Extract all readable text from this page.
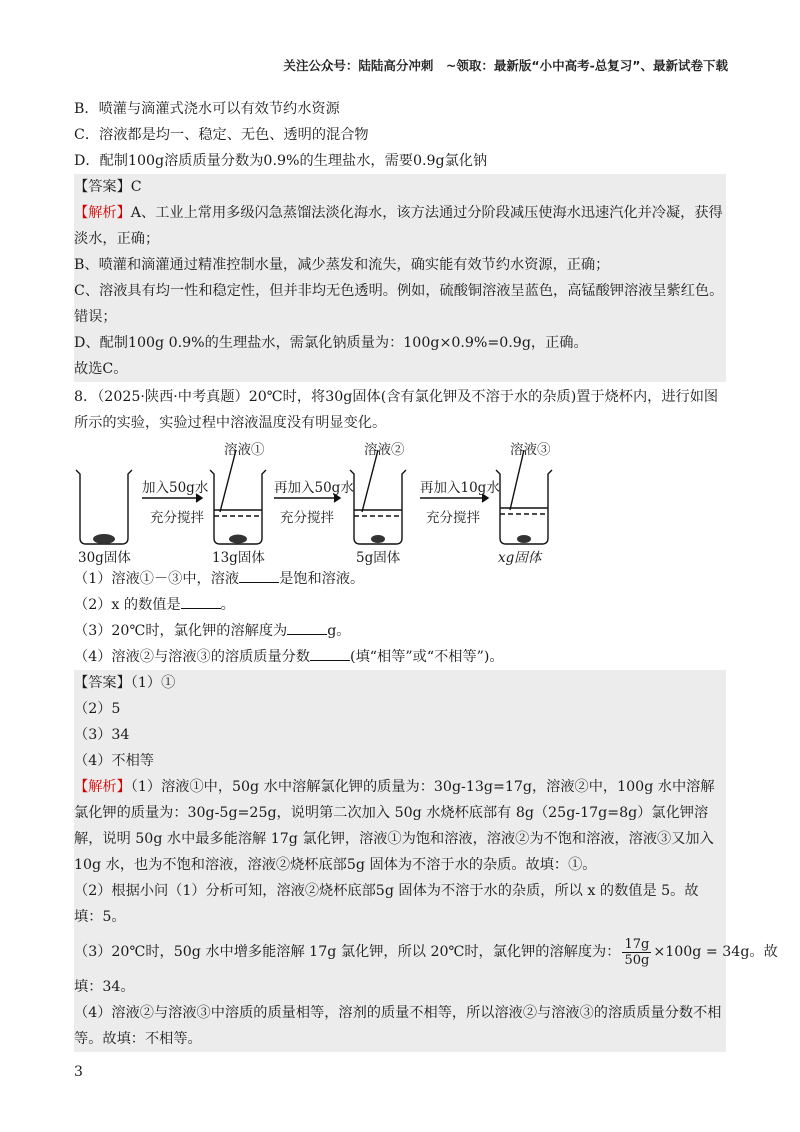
关注公众号：陆陆高分冲刺　~领取：最新版“小中高考-总复习”、最新试卷下载
B．喷灌与滴灌式浇水可以有效节约水资源
C．溶液都是均一、稳定、无色、透明的混合物
D．配制100g溶质质量分数为0.9%的生理盐水，需要0.9g氯化钠
【答案】C
【解析】A、工业上常用多级闪急蒸馏法淡化海水，该方法通过分阶段减压使海水迅速汽化并冷凝，获得淡水，正确；
B、喷灌和滴灌通过精准控制水量，减少蒸发和流失，确实能有效节约水资源，正确；
C、溶液具有均一性和稳定性，但并非均无色透明。例如，硫酸铜溶液呈蓝色，高锰酸钾溶液呈紫红色。错误；
D、配制100g 0.9%的生理盐水，需氯化钠质量为：100g×0.9%=0.9g，正确。
故选C。
8．（2025·陕西·中考真题）20℃时，将30g固体(含有氯化钾及不溶于水的杂质)置于烧杯内，进行如图所示的实验，实验过程中溶液温度没有明显变化。
溶液①	溶液②	溶液③
加入50g水
充分搅拌
再加入50g水
充分搅拌
再加入10g水
充分搅拌
30g固体	13g固体	5g固体	xg固体
（1）溶液①－③中，溶液	是饱和溶液。
（2）x 的数值是	。
（3）20℃时，氯化钾的溶解度为	g。
（4）溶液②与溶液③的溶质质量分数	(填“相等”或“不相等”)。
【答案】（1）①
（2）5
（3）34
（4）不相等
【解析】（1）溶液①中，50g 水中溶解氯化钾的质量为：30g-13g=17g，溶液②中，100g 水中溶解氯化钾的质量为：30g-5g=25g，说明第二次加入 50g 水烧杯底部有 8g（25g-17g=8g）氯化钾溶解，说明 50g 水中最多能溶解 17g 氯化钾，溶液①为饱和溶液，溶液②为不饱和溶液，溶液③又加入 10g 水，也为不饱和溶液，溶液②烧杯底部5g 固体为不溶于水的杂质。故填：①。
（2）根据小问（1）分析可知，溶液②烧杯底部5g 固体为不溶于水的杂质，所以 x 的数值是 5。故填：5。
（3）20℃时，50g 水中增多能溶解 17g 氯化钾，所以 20℃时，氯化钾的溶解度为： $\frac{17g}{50g} \times 100g = 34g$。故
填：34。
（4）溶液②与溶液③中溶质的质量相等，溶剂的质量不相等，所以溶液②与溶液③的溶质质量分数不相等。故填：不相等。
3
